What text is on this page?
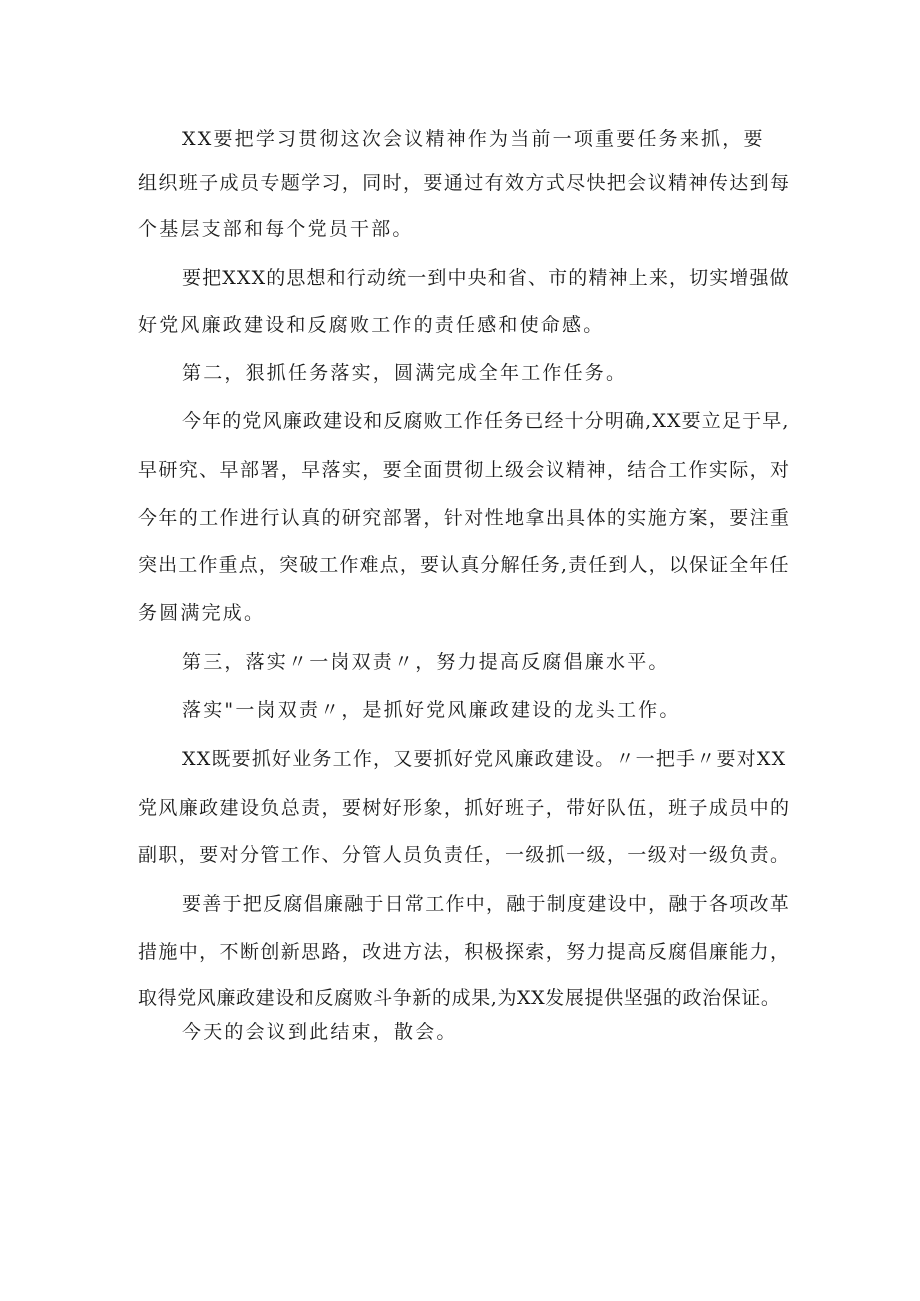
XX要把学习贯彻这次会议精神作为当前一项重要任务来抓，要
组织班子成员专题学习，同时，要通过有效方式尽快把会议精神传达到每
个基层支部和每个党员干部。
要把XXX的思想和行动统一到中央和省、市的精神上来，切实增强做
好党风廉政建设和反腐败工作的责任感和使命感。
第二，狠抓任务落实，圆满完成全年工作任务。
今年的党风廉政建设和反腐败工作任务已经十分明确,XX要立足于早,
早研究、早部署，早落实，要全面贯彻上级会议精神，结合工作实际，对
今年的工作进行认真的研究部署，针对性地拿出具体的实施方案，要注重
突出工作重点，突破工作难点，要认真分解任务,责任到人，以保证全年任
务圆满完成。
第三，落实〃一岗双责〃，努力提高反腐倡廉水平。
落实"一岗双责〃，是抓好党风廉政建设的龙头工作。
XX既要抓好业务工作，又要抓好党风廉政建设。〃一把手〃要对XX
党风廉政建设负总责，要树好形象，抓好班子，带好队伍，班子成员中的
副职，要对分管工作、分管人员负责任，一级抓一级，一级对一级负责。
要善于把反腐倡廉融于日常工作中，融于制度建设中，融于各项改革
措施中，不断创新思路，改进方法，积极探索，努力提高反腐倡廉能力，
取得党风廉政建设和反腐败斗争新的成果,为XX发展提供坚强的政治保证。
今天的会议到此结束，散会。
